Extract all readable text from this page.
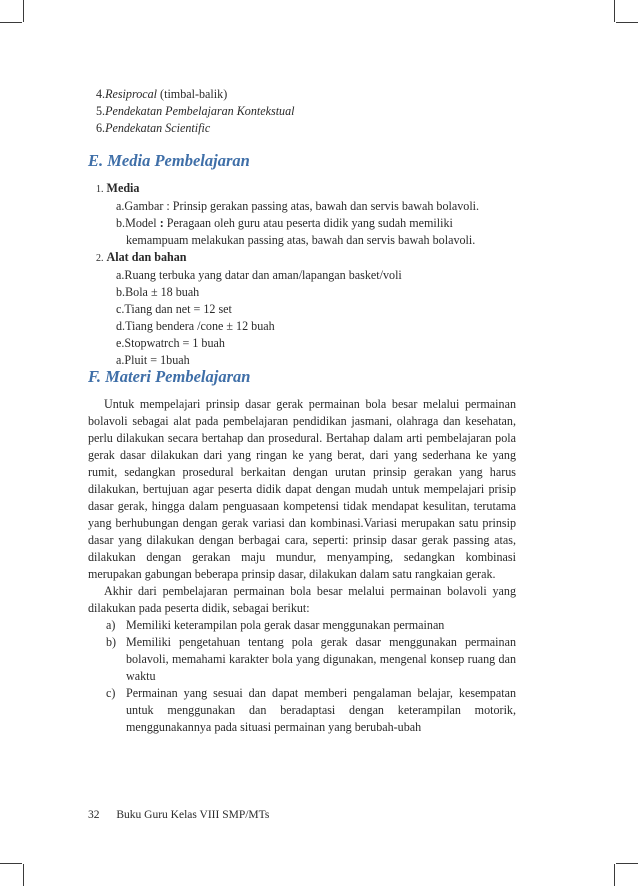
4.Resiprocal (timbal-balik)
5.Pendekatan Pembelajaran Kontekstual
6.Pendekatan Scientific
E. Media Pembelajaran
1. Media
a.Gambar : Prinsip gerakan passing atas, bawah dan servis bawah bolavoli.
b.Model : Peragaan oleh guru atau peserta didik yang sudah memiliki
kemampuam melakukan passing atas, bawah dan servis bawah bolavoli.
2. Alat dan bahan
a.Ruang terbuka yang datar dan aman/lapangan basket/voli
b.Bola ± 18 buah
c.Tiang dan net = 12 set
d.Tiang bendera /cone ± 12 buah
e.Stopwatrch = 1 buah
a.Pluit = 1buah
F. Materi Pembelajaran
Untuk mempelajari prinsip dasar gerak permainan bola besar melalui permainan bolavoli sebagai alat pada pembelajaran pendidikan jasmani, olahraga dan kesehatan, perlu dilakukan secara bertahap dan prosedural. Bertahap dalam arti pembelajaran pola gerak dasar dilakukan dari yang ringan ke yang berat, dari yang sederhana ke yang rumit, sedangkan prosedural berkaitan dengan urutan prinsip gerakan yang harus dilakukan, bertujuan agar peserta didik dapat dengan mudah untuk mempelajari prisip dasar gerak, hingga dalam penguasaan kompetensi tidak mendapat kesulitan, terutama yang berhubungan dengan gerak variasi dan kombinasi.Variasi merupakan satu prinsip dasar yang dilakukan dengan berbagai cara, seperti: prinsip dasar gerak passing atas, dilakukan dengan gerakan maju mundur, menyamping, sedangkan kombinasi merupakan gabungan beberapa prinsip dasar, dilakukan dalam satu rangkaian gerak.
Akhir dari pembelajaran permainan bola besar melalui permainan bolavoli yang dilakukan pada peserta didik, sebagai berikut:
a) Memiliki keterampilan pola gerak dasar menggunakan permainan
b) Memiliki pengetahuan tentang pola gerak dasar menggunakan permainan bolavoli, memahami karakter bola yang digunakan, mengenal konsep ruang dan waktu
c) Permainan yang sesuai dan dapat memberi pengalaman belajar, kesempatan untuk menggunakan dan beradaptasi dengan keterampilan motorik, menggunakannya pada situasi permainan yang berubah-ubah
32 Buku Guru Kelas VIII SMP/MTs
